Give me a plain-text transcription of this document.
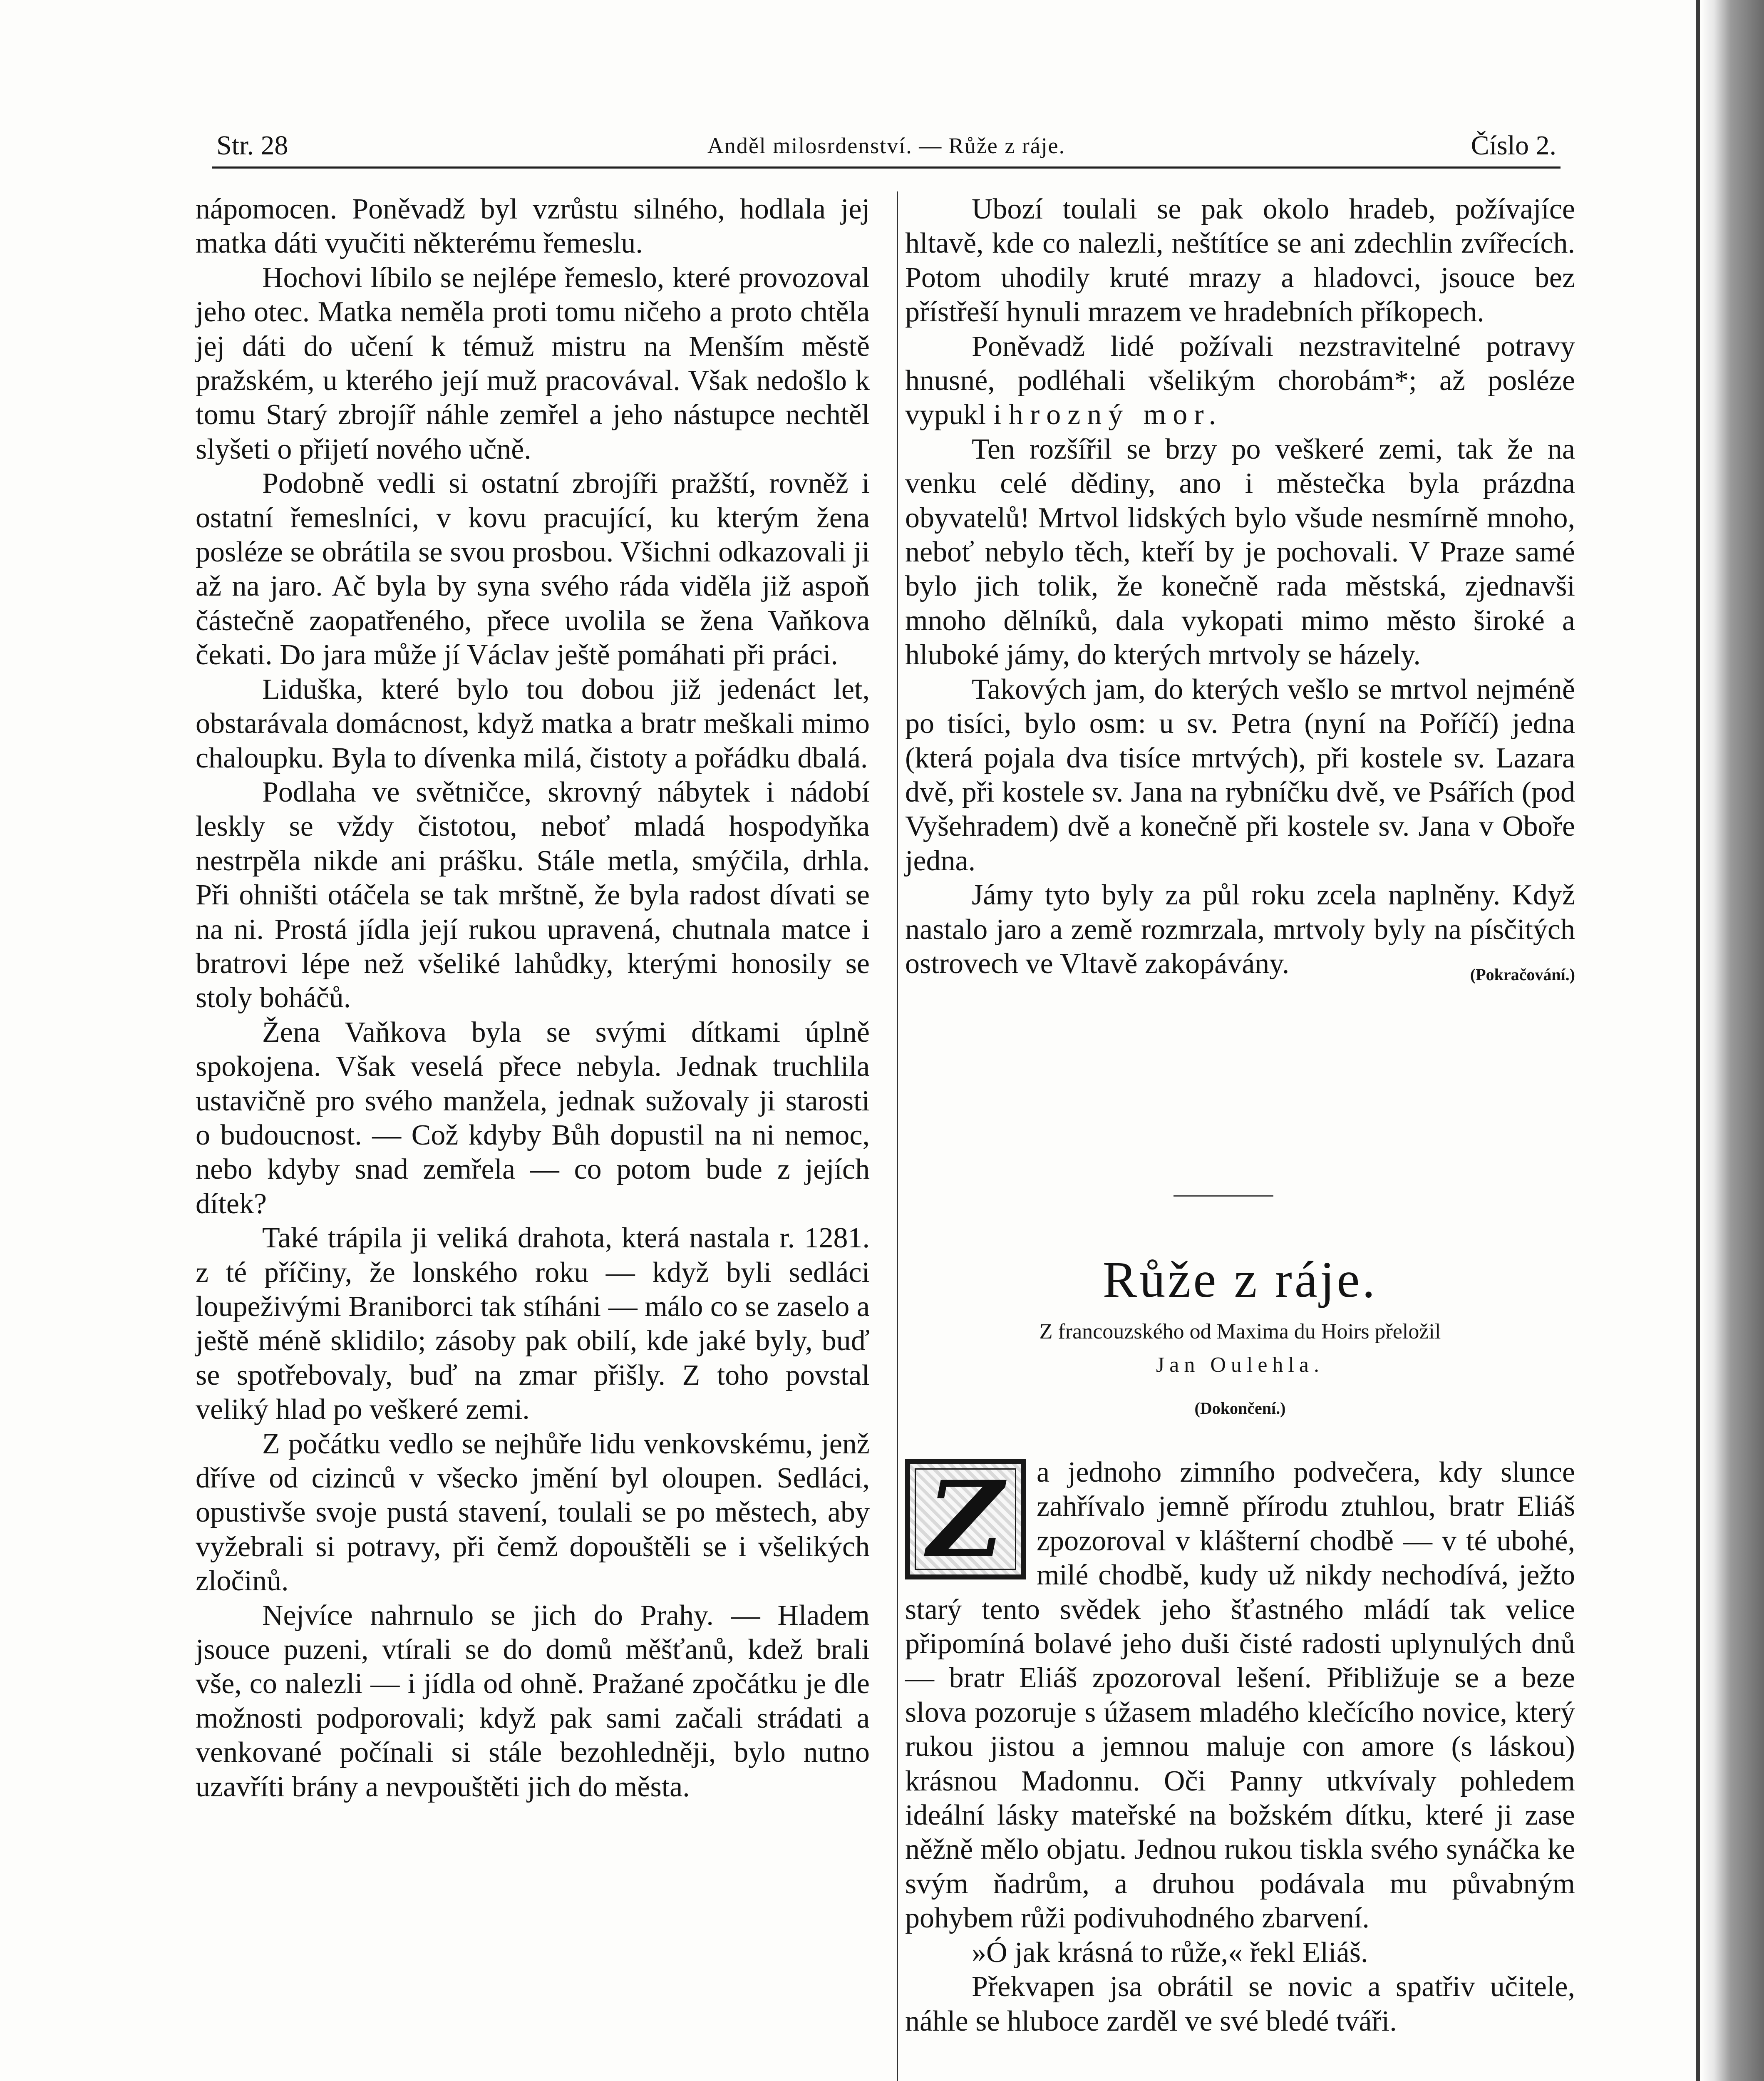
Str. 28	Anděl milosrdenství. — Růže z ráje.	Číslo 2.

nápomocen. Poněvadž byl vzrůstu silného, hodlala jej matka dáti vyučiti některému řemeslu.

Hochovi líbilo se nejlépe řemeslo, které provozoval jeho otec. Matka neměla proti tomu ničeho a proto chtěla jej dáti do učení k témuž mistru na Menším městě pražském, u kterého její muž pracovával. Však nedošlo k tomu Starý zbrojíř náhle zemřel a jeho nástupce nechtěl slyšeti o přijetí nového učně.

Podobně vedli si ostatní zbrojíři pražští, rovněž i ostatní řemeslníci, v kovu pracující, ku kterým žena posléze se obrátila se svou prosbou. Všichni odkazovali ji až na jaro. Ač byla by syna svého ráda viděla již aspoň částečně zaopatřeného, přece uvolila se žena Vaňkova čekati. Do jara může jí Václav ještě pomáhati při práci.

Liduška, které bylo tou dobou již jedenáct let, obstarávala domácnost, když matka a bratr meškali mimo chaloupku. Byla to dívenka milá, čistoty a pořádku dbalá.

Podlaha ve světničce, skrovný nábytek i nádobí leskly se vždy čistotou, neboť mladá hospodyňka nestrpěla nikde ani prášku. Stále metla, smýčila, drhla. Při ohništi otáčela se tak mrštně, že byla radost dívati se na ni. Prostá jídla její rukou upravená, chutnala matce i bratrovi lépe než všeliké lahůdky, kterými honosily se stoly boháčů.

Žena Vaňkova byla se svými dítkami úplně spokojena. Však veselá přece nebyla. Jednak truchlila ustavičně pro svého manžela, jednak sužovaly ji starosti o budoucnost. — Což kdyby Bůh dopustil na ni nemoc, nebo kdyby snad zemřela — co potom bude z jejích dítek?

Také trápila ji veliká drahota, která nastala r. 1281. z té příčiny, že lonského roku — když byli sedláci loupeživými Braniborci tak stíháni — málo co se zaselo a ještě méně sklidilo; zásoby pak obilí, kde jaké byly, buď se spotřebovaly, buď na zmar přišly. Z toho povstal veliký hlad po veškeré zemi.

Z počátku vedlo se nejhůře lidu venkovskému, jenž dříve od cizinců v všecko jmění byl oloupen. Sedláci, opustivše svoje pustá stavení, toulali se po městech, aby vyžebrali si potravy, při čemž dopouštěli se i všelikých zločinů.

Nejvíce nahrnulo se jich do Prahy. — Hladem jsouce puzeni, vtírali se do domů měšťanů, kdež brali vše, co nalezli — i jídla od ohně. Pražané zpočátku je dle možnosti podporovali; když pak sami začali strádati a venkované počínali si stále bezohledněji, bylo nutno uzavříti brány a nevpouštěti jich do města.

Ubozí toulali se pak okolo hradeb, požívajíce hltavě, kde co nalezli, neštítíce se ani zdechlin zvířecích. Potom uhodily kruté mrazy a hladovci, jsouce bez přístřeší hynuli mrazem ve hradebních příkopech.

Poněvadž lidé požívali nezstravitelné potravy hnusné, podléhali všelikým chorobám*; až posléze vypukl i hrozný mor.

Ten rozšířil se brzy po veškeré zemi, tak že na venku celé dědiny, ano i městečka byla prázdna obyvatelů! Mrtvol lidských bylo všude nesmírně mnoho, neboť nebylo těch, kteří by je pochovali. V Praze samé bylo jich tolik, že konečně rada městská, zjednavši mnoho dělníků, dala vykopati mimo město široké a hluboké jámy, do kterých mrtvoly se házely.

Takových jam, do kterých vešlo se mrtvol nejméně po tisíci, bylo osm: u sv. Petra (nyní na Poříčí) jedna (která pojala dva tisíce mrtvých), při kostele sv. Lazara dvě, při kostele sv. Jana na rybníčku dvě, ve Psářích (pod Vyšehradem) dvě a konečně při kostele sv. Jana v Oboře jedna.

Jámy tyto byly za půl roku zcela naplněny. Když nastalo jaro a země rozmrzala, mrtvoly byly na písčitých ostrovech ve Vltavě zakopávány.	(Pokračování.)

Růže z ráje.
Z francouzského od Maxima du Hoirs přeložil
Jan Oulehla.
(Dokončení.)

Z	a jednoho zimního podvečera, kdy slunce zahřívalo jemně přírodu ztuhlou, bratr Eliáš zpozoroval v klášterní chodbě — v té ubohé, milé chodbě, kudy už nikdy nechodívá, ježto starý tento svědek jeho šťastného mládí tak velice připomíná bolavé jeho duši čisté radosti uplynulých dnů — bratr Eliáš zpozoroval lešení. Přibližuje se a beze slova pozoruje s úžasem mladého klečícího novice, který rukou jistou a jemnou maluje con amore (s láskou) krásnou Madonnu. Oči Panny utkvívaly pohledem ideální lásky mateřské na božském dítku, které ji zase něžně mělo objatu. Jednou rukou tiskla svého synáčka ke svým ňadrům, a druhou podávala mu půvabným pohybem růži podivuhodného zbarvení.

»Ó jak krásná to růže,« řekl Eliáš.

Překvapen jsa obrátil se novic a spatřiv učitele, náhle se hluboce zarděl ve své bledé tváři.
